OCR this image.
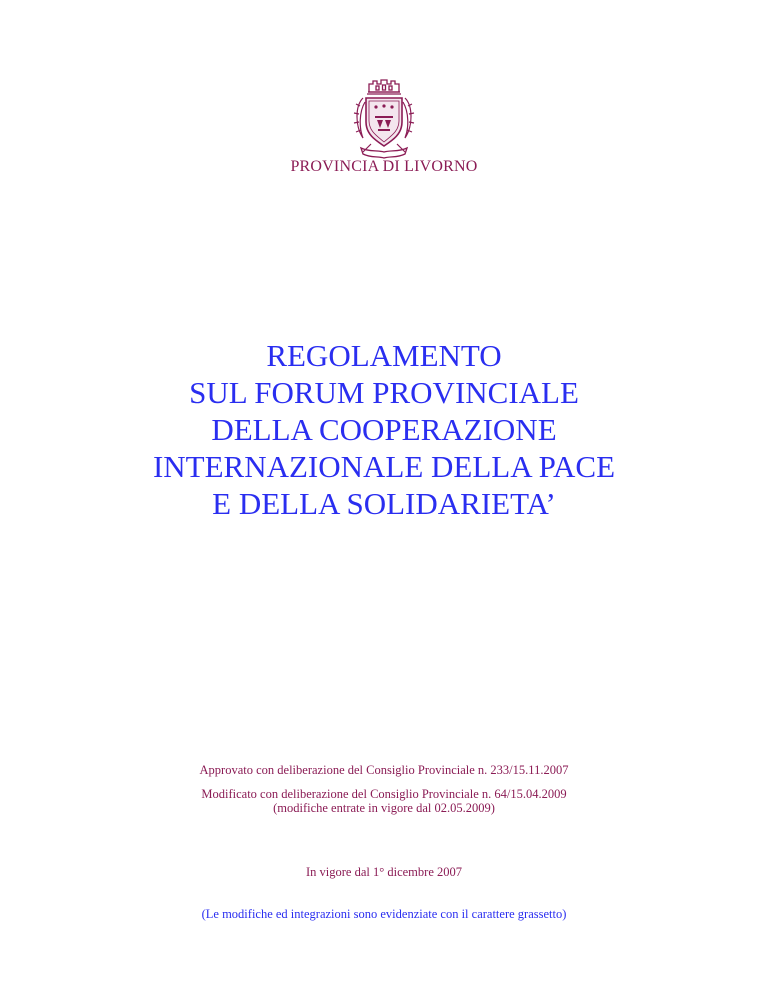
PROVINCIA DI LIVORNO
REGOLAMENTO
SUL FORUM PROVINCIALE
DELLA COOPERAZIONE
INTERNAZIONALE DELLA PACE
E DELLA SOLIDARIETA’
Approvato con deliberazione del Consiglio Provinciale n. 233/15.11.2007
Modificato con deliberazione del Consiglio Provinciale n. 64/15.04.2009
(modifiche entrate in vigore dal 02.05.2009)
In vigore dal 1° dicembre 2007
(Le modifiche ed integrazioni sono evidenziate con il carattere grassetto)
